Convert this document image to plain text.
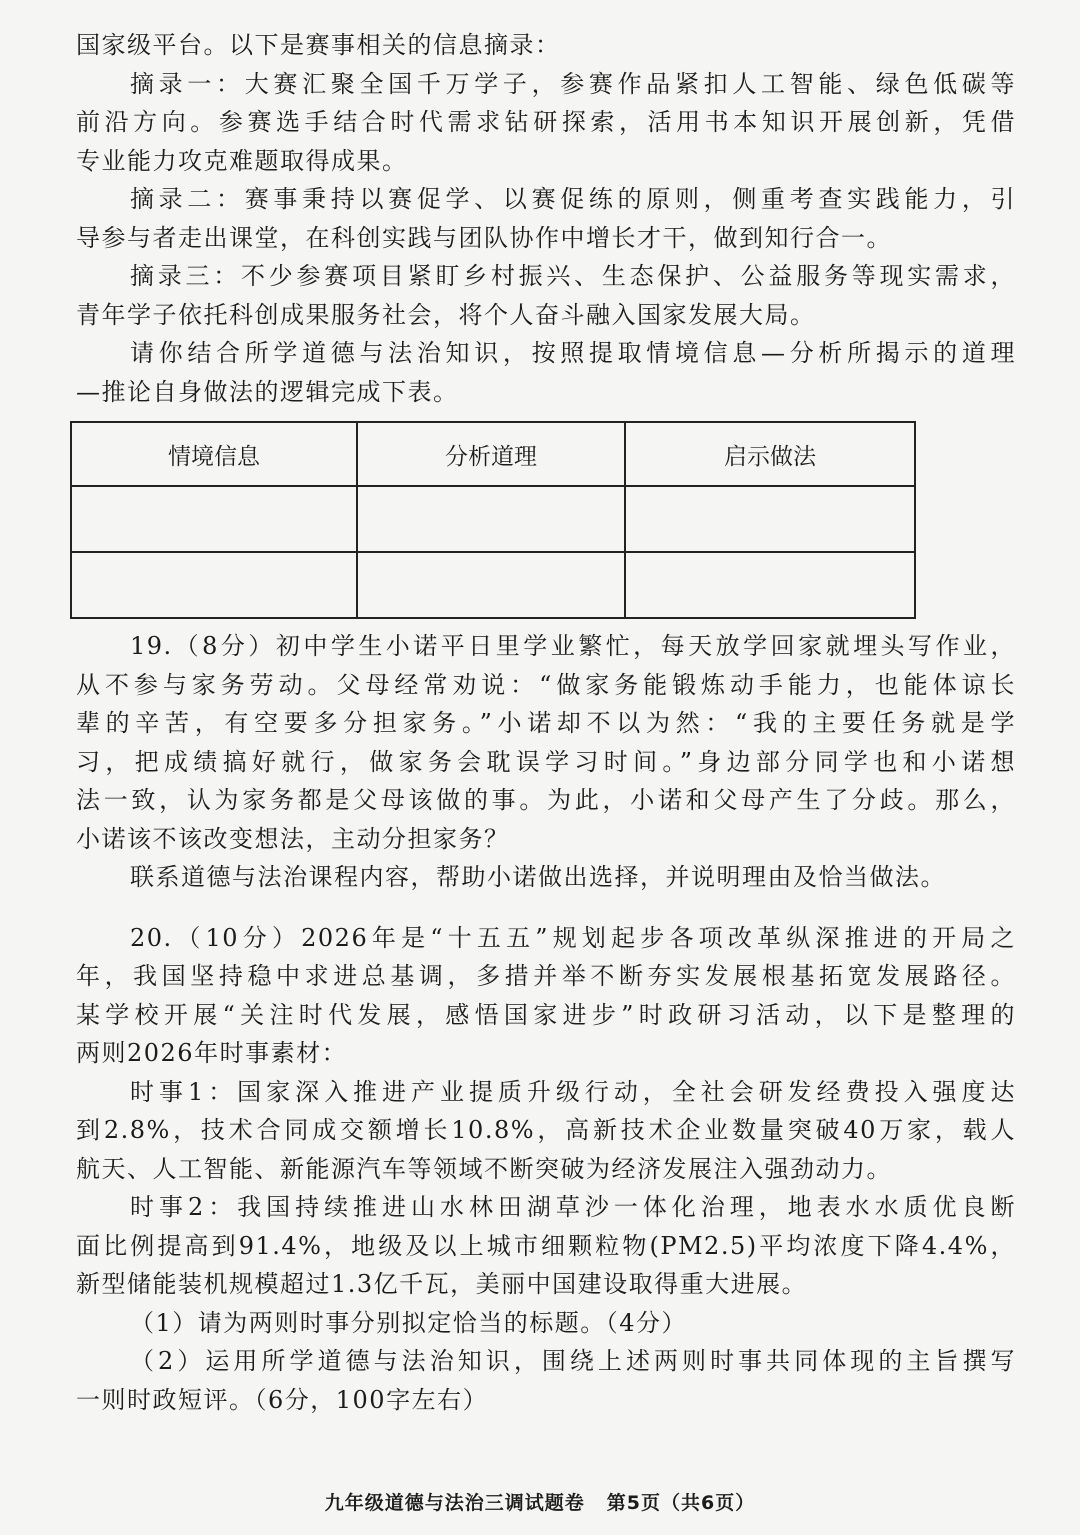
国家级平台。以下是赛事相关的信息摘录：

摘录一：大赛汇聚全国千万学子，参赛作品紧扣人工智能、绿色低碳等

前沿方向。参赛选手结合时代需求钻研探索，活用书本知识开展创新，凭借

专业能力攻克难题取得成果。

摘录二：赛事秉持以赛促学、以赛促练的原则，侧重考查实践能力，引

导参与者走出课堂，在科创实践与团队协作中增长才干，做到知行合一。

摘录三：不少参赛项目紧盯乡村振兴、生态保护、公益服务等现实需求，

青年学子依托科创成果服务社会，将个人奋斗融入国家发展大局。

请你结合所学道德与法治知识，按照提取情境信息—分析所揭示的道理

—推论自身做法的逻辑完成下表。

情境信息	分析道理	启示做法

19.（8分）初中学生小诺平日里学业繁忙，每天放学回家就埋头写作业，

从不参与家务劳动。父母经常劝说：“做家务能锻炼动手能力，也能体谅长

辈的辛苦，有空要多分担家务。”小诺却不以为然：“我的主要任务就是学

习，把成绩搞好就行，做家务会耽误学习时间。”身边部分同学也和小诺想

法一致，认为家务都是父母该做的事。为此，小诺和父母产生了分歧。那么，

小诺该不该改变想法，主动分担家务？

联系道德与法治课程内容，帮助小诺做出选择，并说明理由及恰当做法。

20.（10分）2026年是“十五五”规划起步各项改革纵深推进的开局之

年，我国坚持稳中求进总基调，多措并举不断夯实发展根基拓宽发展路径。

某学校开展“关注时代发展，感悟国家进步”时政研习活动，以下是整理的

两则2026年时事素材：

时事1：国家深入推进产业提质升级行动，全社会研发经费投入强度达

到2.8%，技术合同成交额增长10.8%，高新技术企业数量突破40万家，载人

航天、人工智能、新能源汽车等领域不断突破为经济发展注入强劲动力。

时事2：我国持续推进山水林田湖草沙一体化治理，地表水水质优良断

面比例提高到91.4%，地级及以上城市细颗粒物(PM2.5)平均浓度下降4.4%，

新型储能装机规模超过1.3亿千瓦，美丽中国建设取得重大进展。

（1）请为两则时事分别拟定恰当的标题。（4分）

（2）运用所学道德与法治知识，围绕上述两则时事共同体现的主旨撰写

一则时政短评。（6分，100字左右）

九年级道德与法治三调试题卷 第5页（共6页）
